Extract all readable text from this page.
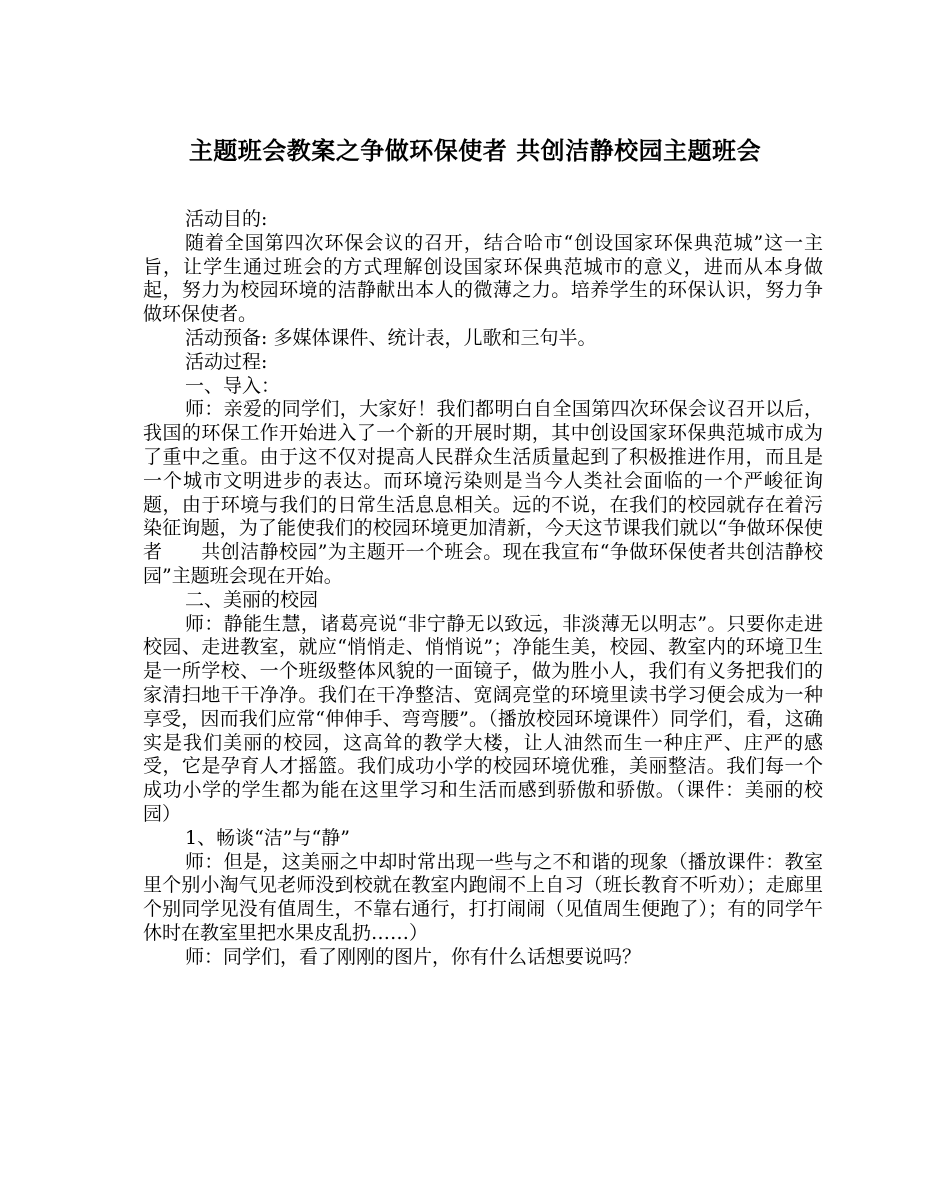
主题班会教案之争做环保使者 共创洁静校园主题班会

活动目的:

随着全国第四次环保会议的召开，结合哈市“创设国家环保典范城”这一主旨，让学生通过班会的方式理解创设国家环保典范城市的意义，进而从本身做起，努力为校园环境的洁静献出本人的微薄之力。培养学生的环保认识，努力争做环保使者。

活动预备: 多媒体课件、统计表，儿歌和三句半。

活动过程:

一、导入：

师：亲爱的同学们，大家好！我们都明白自全国第四次环保会议召开以后，我国的环保工作开始进入了一个新的开展时期，其中创设国家环保典范城市成为了重中之重。由于这不仅对提高人民群众生活质量起到了积极推进作用，而且是一个城市文明进步的表达。而环境污染则是当今人类社会面临的一个严峻征询题，由于环境与我们的日常生活息息相关。远的不说，在我们的校园就存在着污染征询题，为了能使我们的校园环境更加清新，今天这节课我们就以“争做环保使者　　共创洁静校园”为主题开一个班会。现在我宣布“争做环保使者共创洁静校园”主题班会现在开始。

二、美丽的校园

师：静能生慧，诸葛亮说“非宁静无以致远，非淡薄无以明志”。只要你走进校园、走进教室，就应“悄悄走、悄悄说”；净能生美，校园、教室内的环境卫生是一所学校、一个班级整体风貌的一面镜子，做为胜小人，我们有义务把我们的家清扫地干干净净。我们在干净整洁、宽阔亮堂的环境里读书学习便会成为一种享受，因而我们应常“伸伸手、弯弯腰”。（播放校园环境课件）同学们，看，这确实是我们美丽的校园，这高耸的教学大楼，让人油然而生一种庄严、庄严的感受，它是孕育人才摇篮。我们成功小学的校园环境优雅，美丽整洁。我们每一个成功小学的学生都为能在这里学习和生活而感到骄傲和骄傲。（课件：美丽的校园）

1、畅谈“洁”与“静”

师：但是，这美丽之中却时常出现一些与之不和谐的现象（播放课件：教室里个别小淘气见老师没到校就在教室内跑闹不上自习（班长教育不听劝）；走廊里个别同学见没有值周生，不靠右通行，打打闹闹（见值周生便跑了）；有的同学午休时在教室里把水果皮乱扔……）

师：同学们，看了刚刚的图片，你有什么话想要说吗？
